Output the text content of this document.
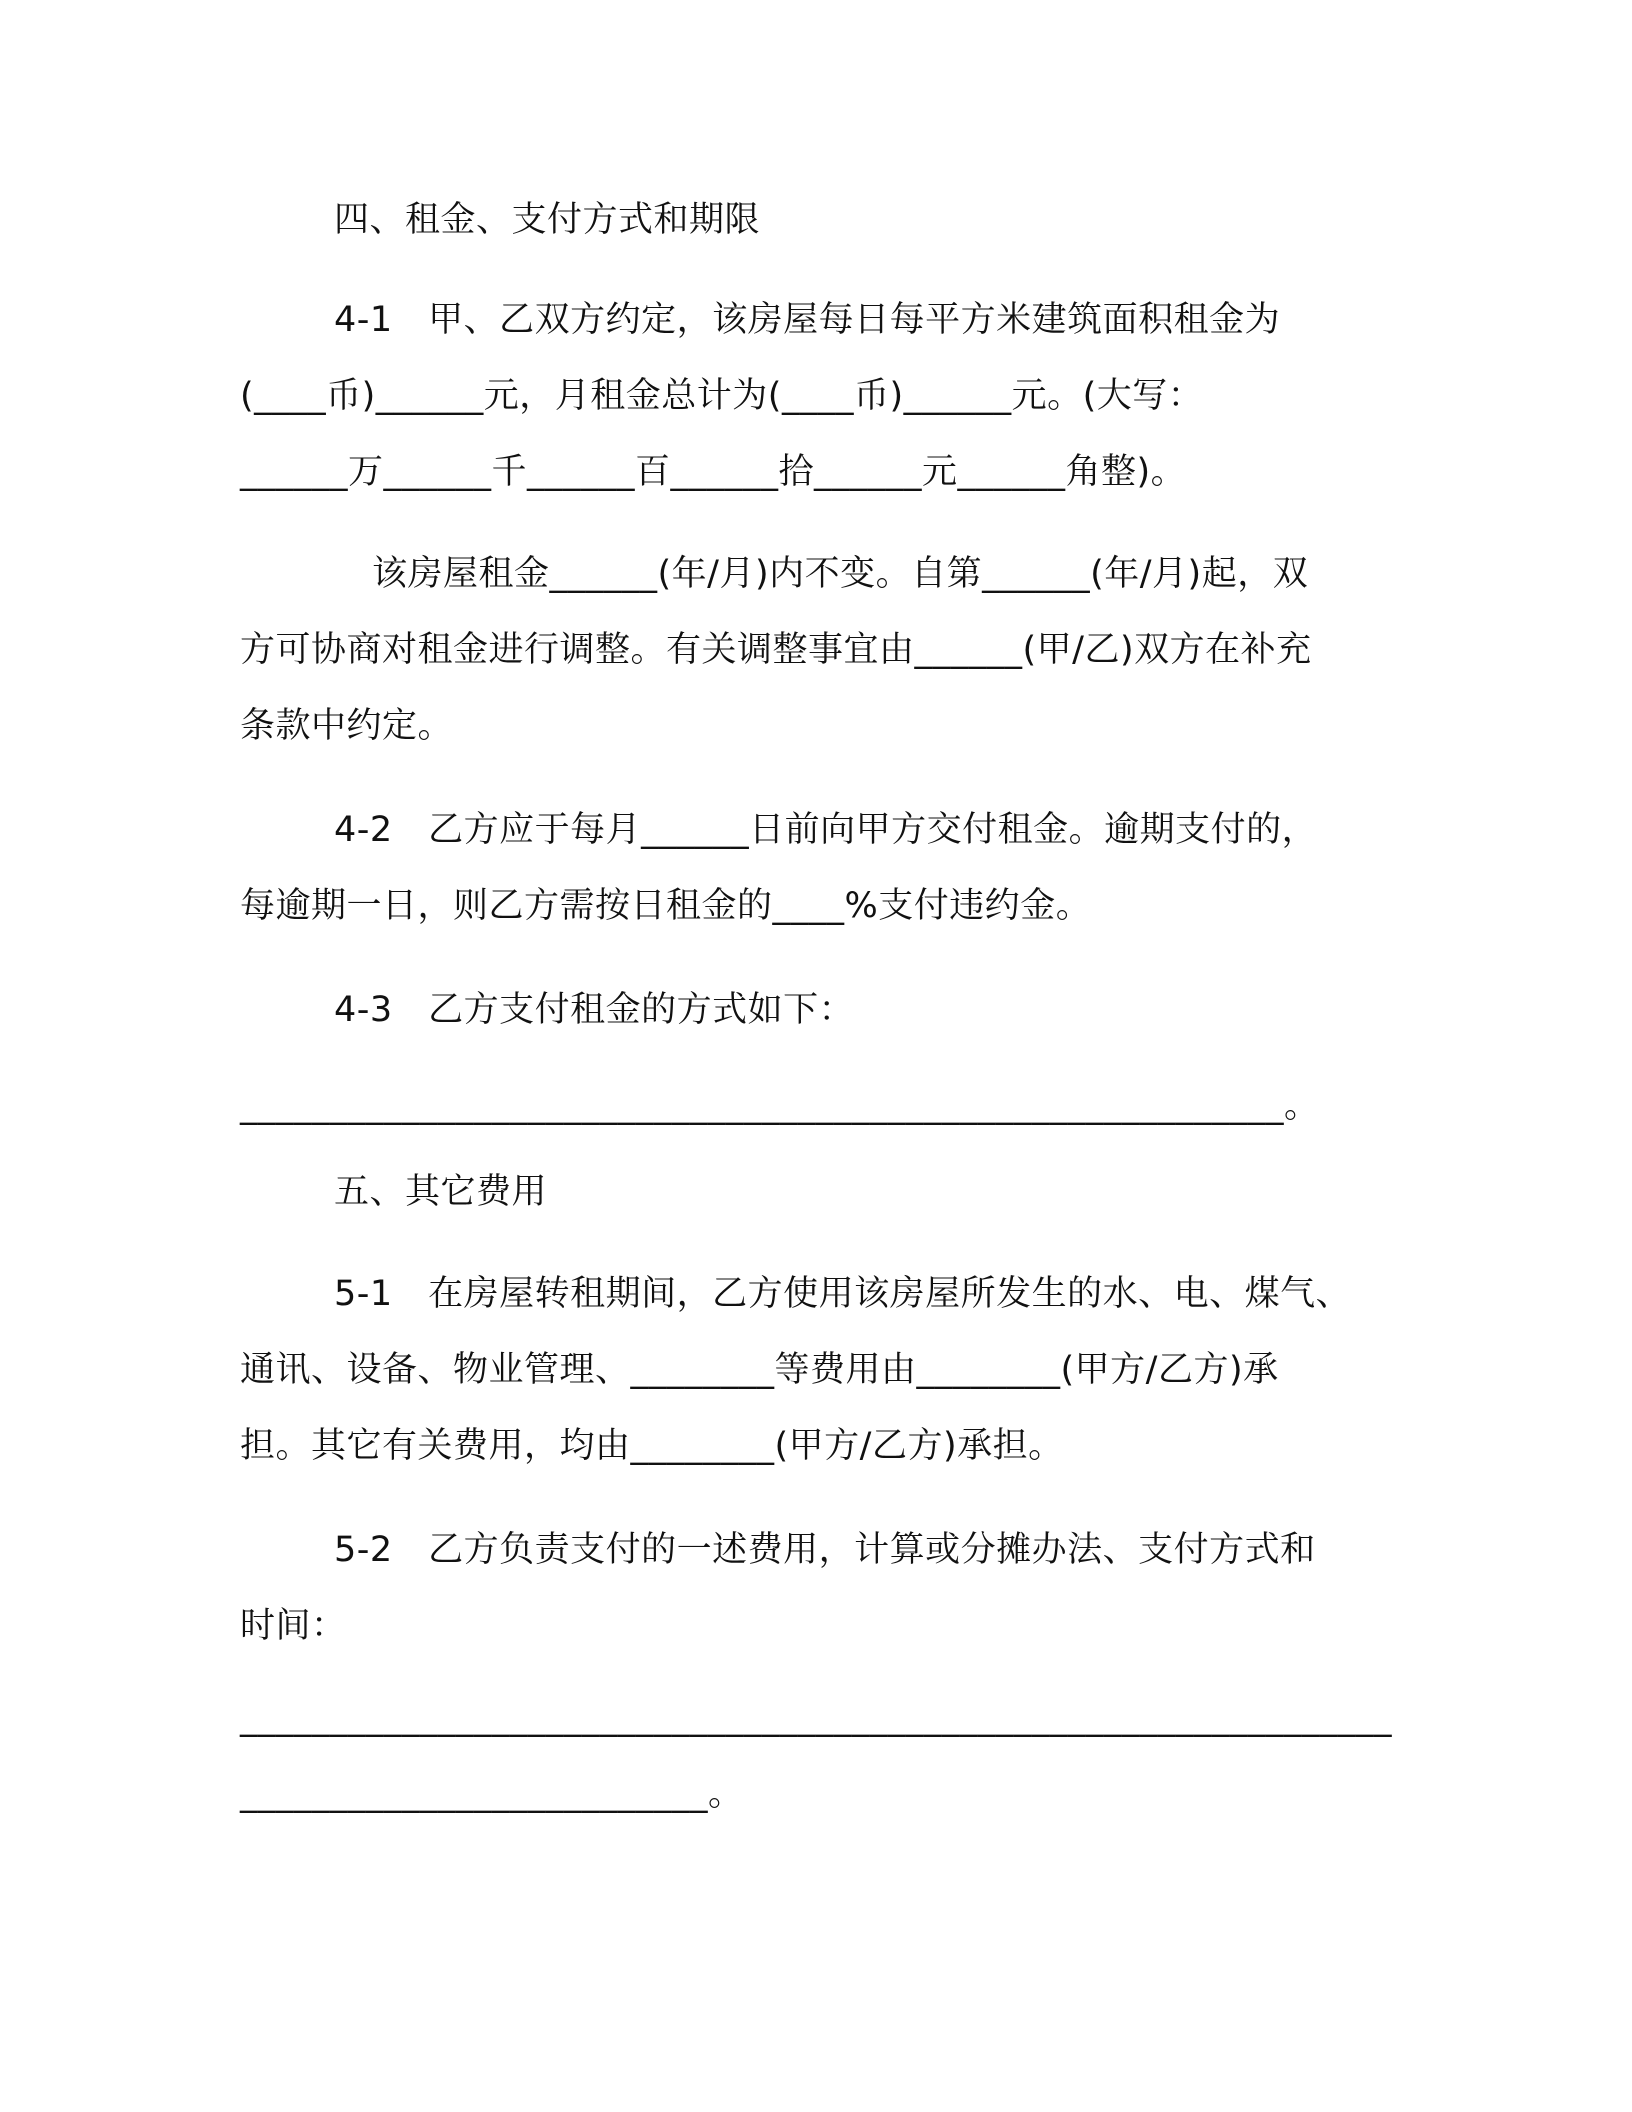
四、租金、支付方式和期限
4-1　甲、乙双方约定，该房屋每日每平方米建筑面积租金为
(____币)______元，月租金总计为(____币)______元。(大写：
______万______千______百______拾______元______角整)。
该房屋租金______(年/月)内不变。自第______(年/月)起，双
方可协商对租金进行调整。有关调整事宜由______(甲/乙)双方在补充
条款中约定。
4-2　乙方应于每月______日前向甲方交付租金。逾期支付的，
每逾期一日，则乙方需按日租金的____%支付违约金。
4-3　乙方支付租金的方式如下：
__________________________________________________________。
五、其它费用
5-1　在房屋转租期间，乙方使用该房屋所发生的水、电、煤气、
通讯、设备、物业管理、________等费用由________(甲方/乙方)承
担。其它有关费用，均由________(甲方/乙方)承担。
5-2　乙方负责支付的一述费用，计算或分摊办法、支付方式和
时间：
________________________________________________________________
__________________________。
